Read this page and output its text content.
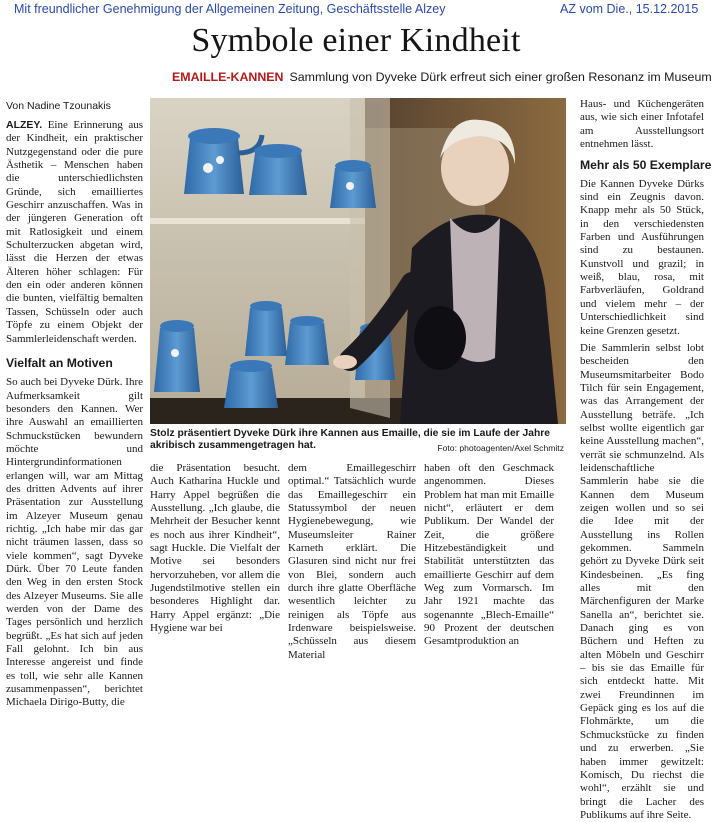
Mit freundlicher Genehmigung der Allgemeinen Zeitung, Geschäftsstelle Alzey	AZ vom Die., 15.12.2015
Symbole einer Kindheit
EMAILLE-KANNEN Sammlung von Dyveke Dürk erfreut sich einer großen Resonanz im Museum
Von Nadine Tzounakis
Stolz präsentiert Dyveke Dürk ihre Kannen aus Emaille, die sie im Laufe der Jahre akribisch zusammengetragen hat.	Foto: photoagenten/Axel Schmitz

ALZEY. Eine Erinnerung aus der Kindheit, ein praktischer Nutzgegenstand oder die pure Ästhetik – Menschen haben die unterschiedlichsten Gründe, sich emailliertes Geschirr anzuschaffen. Was in der jüngeren Generation oft mit Ratlosigkeit und einem Schulterzucken abgetan wird, lässt die Herzen der etwas Älteren höher schlagen: Für den ein oder anderen können die bunten, vielfältig bemalten Tassen, Schüsseln oder auch Töpfe zu einem Objekt der Sammlerleidenschaft werden.

Vielfalt an Motiven

So auch bei Dyveke Dürk. Ihre Aufmerksamkeit gilt besonders den Kannen. Wer ihre Auswahl an emaillierten Schmuckstücken bewundern möchte und Hintergrundinformationen erlangen will, war am Mittag des dritten Advents auf ihrer Präsentation zur Ausstellung im Alzeyer Museum genau richtig. „Ich habe mir das gar nicht träumen lassen, dass so viele kommen“, sagt Dyveke Dürk. Über 70 Leute fanden den Weg in den ersten Stock des Alzeyer Museums. Sie alle werden von der Dame des Tages persönlich und herzlich begrüßt. „Es hat sich auf jeden Fall gelohnt. Ich bin aus Interesse angereist und finde es toll, wie sehr alle Kannen zusammenpassen“, berichtet Michaela Dirigo-Butty, die

die Präsentation besucht. Auch Katharina Huckle und Harry Appel begrüßen die Ausstellung. „Ich glaube, die Mehrheit der Besucher kennt es noch aus ihrer Kindheit“, sagt Huckle. Die Vielfalt der Motive sei besonders hervorzuheben, vor allem die Jugendstilmotive stellen ein besonderes Highlight dar. Harry Appel ergänzt: „Die Hygiene war bei

dem Emaillegeschirr optimal.“ Tatsächlich wurde das Emaillegeschirr ein Statussymbol der neuen Hygienebewegung, wie Museumsleiter Rainer Karneth erklärt. Die Glasuren sind nicht nur frei von Blei, sondern auch durch ihre glatte Oberfläche wesentlich leichter zu reinigen als Töpfe aus Irdenware beispielsweise. „Schüsseln aus diesem Material

haben oft den Geschmack angenommen. Dieses Problem hat man mit Emaille nicht“, erläutert er dem Publikum. Der Wandel der Zeit, die größere Hitzebeständigkeit und Stabilität unterstützten das emaillierte Geschirr auf dem Weg zum Vormarsch. Im Jahr 1921 machte das sogenannte „Blech-Emaille“ 90 Prozent der deutschen Gesamtproduktion an

Haus- und Küchengeräten aus, wie sich einer Infotafel am Ausstellungsort entnehmen lässt.

Mehr als 50 Exemplare

Die Kannen Dyveke Dürks sind ein Zeugnis davon. Knapp mehr als 50 Stück, in den verschiedensten Farben und Ausführungen sind zu bestaunen. Kunstvoll und grazil; in weiß, blau, rosa, mit Farbverläufen, Goldrand und vielem mehr – der Unterschiedlichkeit sind keine Grenzen gesetzt.

Die Sammlerin selbst lobt bescheiden den Museumsmitarbeiter Bodo Tilch für sein Engagement, was das Arrangement der Ausstellung beträfe. „Ich selbst wollte eigentlich gar keine Ausstellung machen“, verrät sie schmunzelnd. Als leidenschaftliche Sammlerin habe sie die Kannen dem Museum zeigen wollen und so sei die Idee mit der Ausstellung ins Rollen gekommen. Sammeln gehört zu Dyveke Dürk seit Kindesbeinen. „Es fing alles mit den Märchenfiguren der Marke Sanella an“, berichtet sie. Danach ging es von Büchern und Heften zu alten Möbeln und Geschirr – bis sie das Emaille für sich entdeckt hatte. Mit zwei Freundinnen im Gepäck ging es los auf die Flohmärkte, um die Schmuckstücke zu finden und zu erwerben. „Sie haben immer gewitzelt: Komisch, Du riechst die wohl“, erzählt sie und bringt die Lacher des Publikums auf ihre Seite.
